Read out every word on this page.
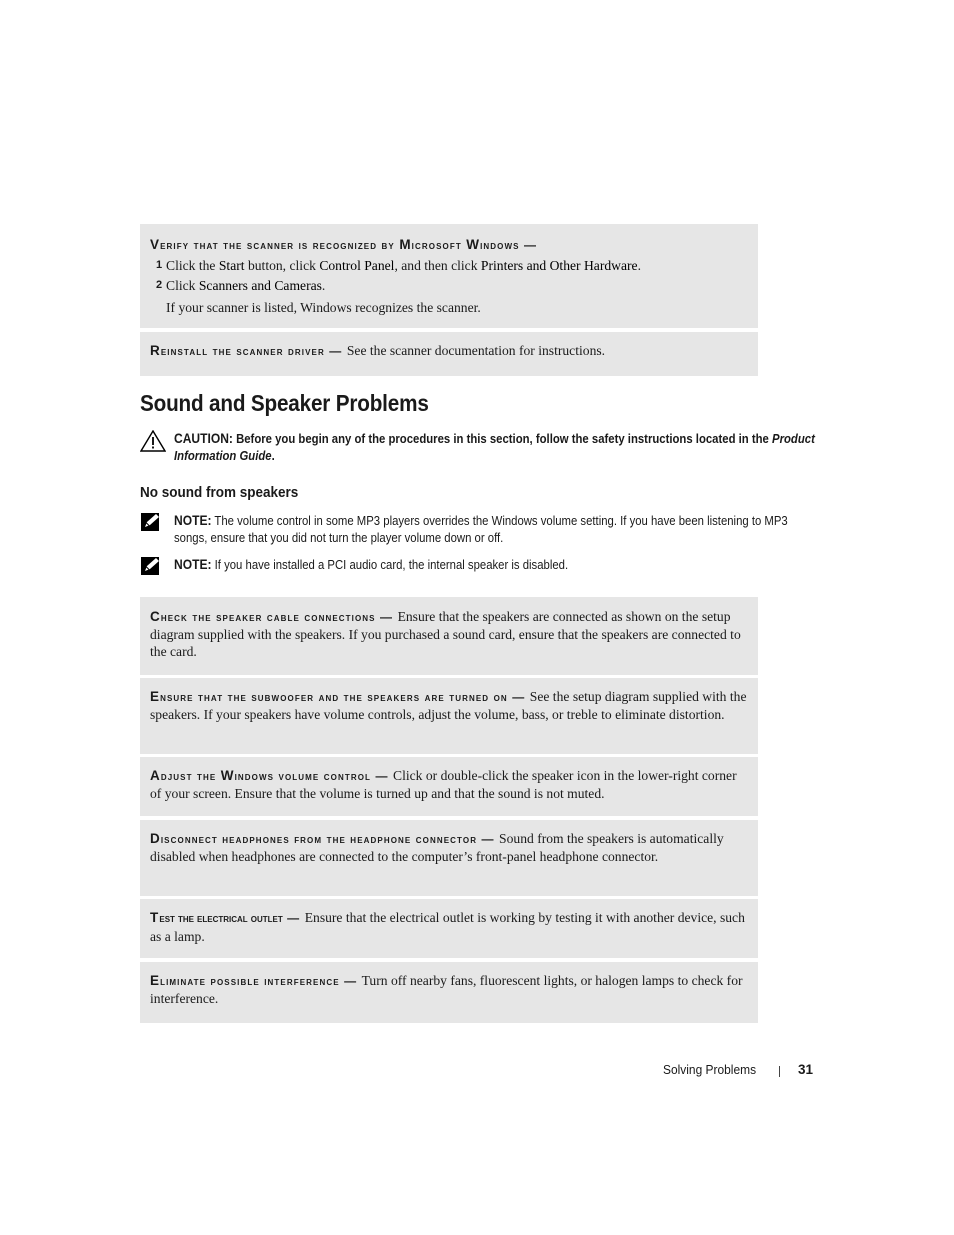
Verify that the scanner is recognized by Microsoft Windows —
1 Click the Start button, click Control Panel, and then click Printers and Other Hardware.
2 Click Scanners and Cameras.
If your scanner is listed, Windows recognizes the scanner.
Reinstall the scanner driver — See the scanner documentation for instructions.
Sound and Speaker Problems
CAUTION: Before you begin any of the procedures in this section, follow the safety instructions located in the Product Information Guide.
No sound from speakers
NOTE: The volume control in some MP3 players overrides the Windows volume setting. If you have been listening to MP3 songs, ensure that you did not turn the player volume down or off.
NOTE: If you have installed a PCI audio card, the internal speaker is disabled.
Check the speaker cable connections — Ensure that the speakers are connected as shown on the setup diagram supplied with the speakers. If you purchased a sound card, ensure that the speakers are connected to the card.
Ensure that the subwoofer and the speakers are turned on — See the setup diagram supplied with the speakers. If your speakers have volume controls, adjust the volume, bass, or treble to eliminate distortion.
Adjust the Windows volume control — Click or double-click the speaker icon in the lower-right corner of your screen. Ensure that the volume is turned up and that the sound is not muted.
Disconnect headphones from the headphone connector — Sound from the speakers is automatically disabled when headphones are connected to the computer’s front-panel headphone connector.
Test the electrical outlet — Ensure that the electrical outlet is working by testing it with another device, such as a lamp.
Eliminate possible interference — Turn off nearby fans, fluorescent lights, or halogen lamps to check for interference.
Solving Problems	31
